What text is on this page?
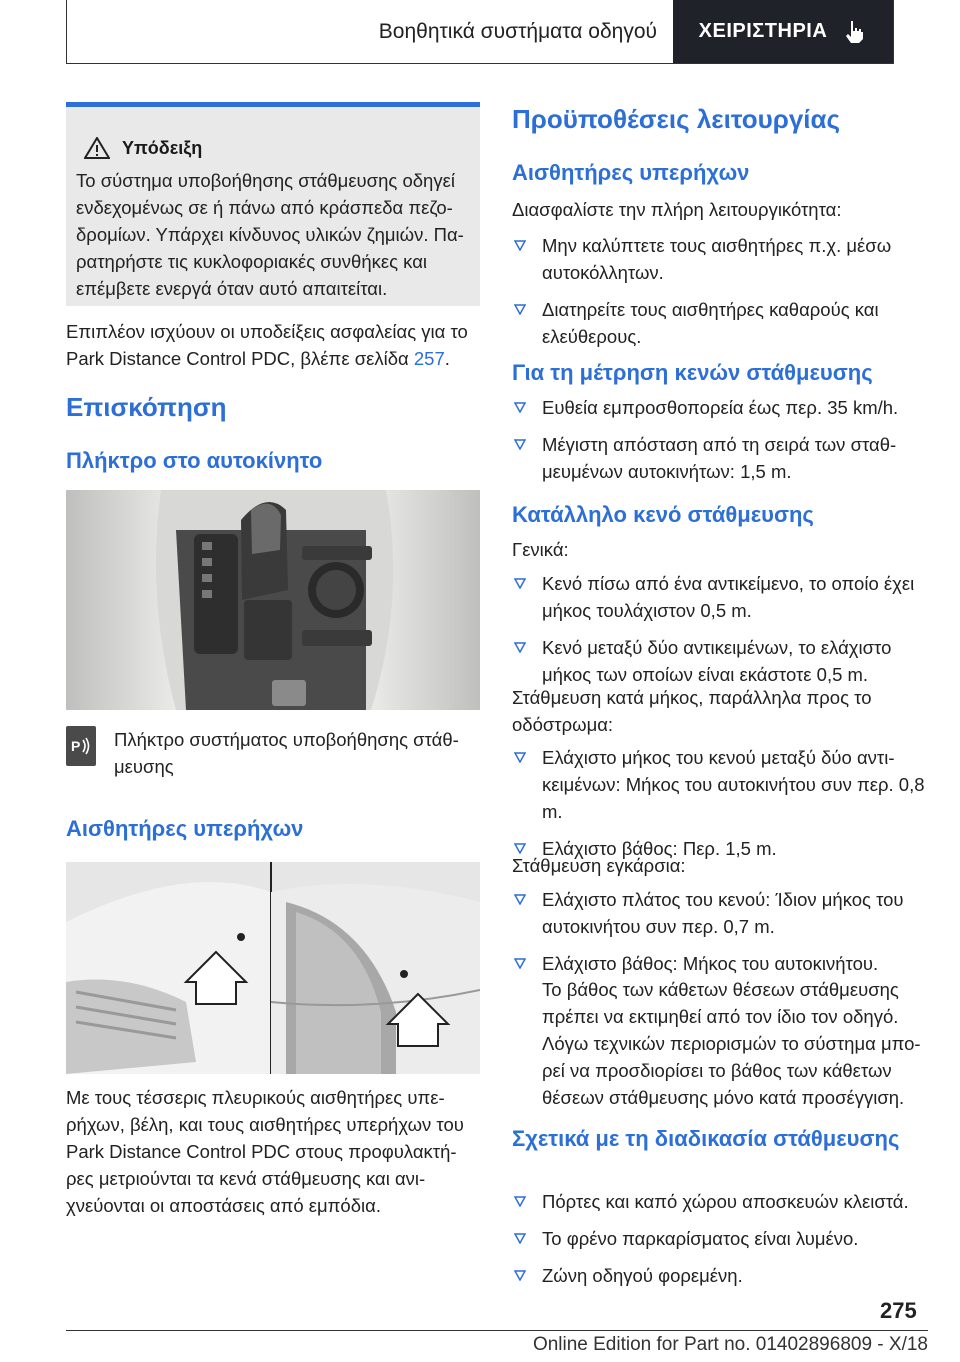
Βοηθητικά συστήματα οδηγού	ΧΕΙΡΙΣΤΗΡΙΑ
Υπόδειξη
Το σύστημα υποβοήθησης στάθμευσης οδηγεί ενδεχομένως σε ή πάνω από κράσπεδα πεζο-δρομίων. Υπάρχει κίνδυνος υλικών ζημιών. Πα-ρατηρήστε τις κυκλοφοριακές συνθήκες και επέμβετε ενεργά όταν αυτό απαιτείται.
Επιπλέον ισχύουν οι υποδείξεις ασφαλείας για το Park Distance Control PDC, βλέπε σελίδα 257.
Επισκόπηση
Πλήκτρο στο αυτοκίνητο
P Πλήκτρο συστήματος υποβοήθησης στάθ-μευσης
Αισθητήρες υπερήχων
Με τους τέσσερις πλευρικούς αισθητήρες υπε-ρήχων, βέλη, και τους αισθητήρες υπερήχων του Park Distance Control PDC στους προφυλακτή-ρες μετριούνται τα κενά στάθμευσης και ανι-χνεύονται οι αποστάσεις από εμπόδια.
Προϋποθέσεις λειτουργίας
Αισθητήρες υπερήχων
Διασφαλίστε την πλήρη λειτουργικότητα:
Μην καλύπτετε τους αισθητήρες π.χ. μέσω αυτοκόλλητων.
Διατηρείτε τους αισθητήρες καθαρούς και ελεύθερους.
Για τη μέτρηση κενών στάθμευσης
Ευθεία εμπροσθοπορεία έως περ. 35 km/h.
Μέγιστη απόσταση από τη σειρά των σταθ-μευμένων αυτοκινήτων: 1,5 m.
Κατάλληλο κενό στάθμευσης
Γενικά:
Κενό πίσω από ένα αντικείμενο, το οποίο έχει μήκος τουλάχιστον 0,5 m.
Κενό μεταξύ δύο αντικειμένων, το ελάχιστο μήκος των οποίων είναι εκάστοτε 0,5 m.
Στάθμευση κατά μήκος, παράλληλα προς το οδόστρωμα:
Ελάχιστο μήκος του κενού μεταξύ δύο αντι-κειμένων: Μήκος του αυτοκινήτου συν περ. 0,8 m.
Ελάχιστο βάθος: Περ. 1,5 m.
Στάθμευση εγκάρσια:
Ελάχιστο πλάτος του κενού: Ίδιον μήκος του αυτοκινήτου συν περ. 0,7 m.
Ελάχιστο βάθος: Μήκος του αυτοκινήτου.
Το βάθος των κάθετων θέσεων στάθμευσης πρέπει να εκτιμηθεί από τον ίδιο τον οδηγό. Λόγω τεχνικών περιορισμών το σύστημα μπο-ρεί να προσδιορίσει το βάθος των κάθετων θέσεων στάθμευσης μόνο κατά προσέγγιση.
Σχετικά με τη διαδικασία στάθμευσης
Πόρτες και καπό χώρου αποσκευών κλειστά.
Το φρένο παρκαρίσματος είναι λυμένο.
Ζώνη οδηγού φορεμένη.
275
Online Edition for Part no. 01402896809 - X/18
